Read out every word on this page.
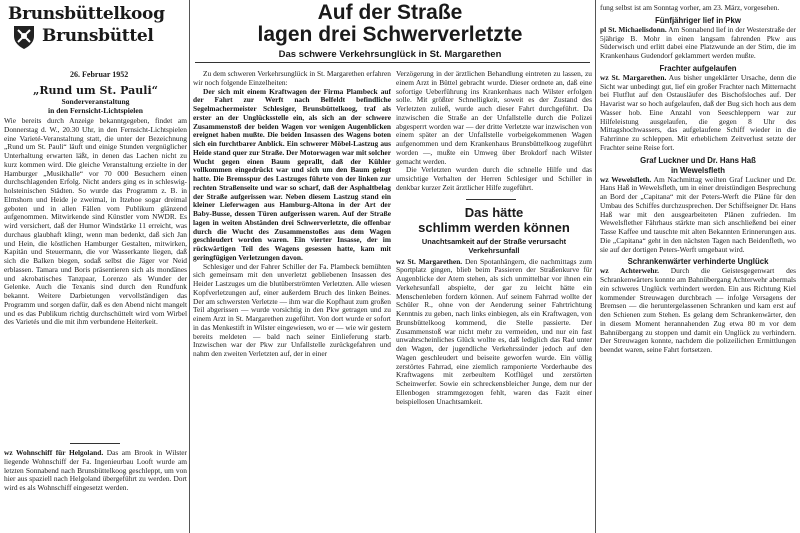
Brunsbüttelkoog
Brunsbüttel
26. Februar 1952

Auf der Straße

lagen drei Schwerverletzte

Das schwere Verkehrsunglück in St. Margarethen

„Rund um St. Pauli“

Sonderveranstaltung

in den Fernsicht-Lichtspielen

Wie bereits durch Anzeige bekanntgegeben, findet am Donnerstag d. W., 20.30 Uhr, in den Fernsicht-Lichtspielen eine Varieté-Veranstaltung statt, die unter der Bezeichnung „Rund um St. Pauli“ läuft und einige Stunden vergnüglicher Unterhaltung erwarten läßt, in denen das Lachen nicht zu kurz kommen wird. Die gleiche Veranstaltung erzielte in der Hamburger „Musikhalle“ vor 70 000 Besuchern einen durchschlagenden Erfolg. Nicht anders ging es in schleswig-holsteinischen Städten. So wurde das Programm z. B. in Elmshorn und Heide je zweimal, in Itzehoe sogar dreimal geboten und in allen Fällen vom Publikum glänzend aufgenommen. Mitwirkende sind Künstler vom NWDR. Es wird versichert, daß der Humor Windstärke 11 erreicht, was durchaus glaubhaft klingt, wenn man bedenkt, daß sich Jan und Hein, die köstlichen Hamburger Gestalten, mitwirken, Kapitän und Steuermann, die vor Wasserkante liegen, daß sich die Balken biegen, sodaß selbst die Jäger vor Neid erblassen. Tamara und Boris präsentieren sich als mondänes und akrobatisches Tanzpaar, Lorenzo als Wunder der Gelenke. Auch die Texanis sind durch den Rundfunk bekannt. Weitere Darbietungen vervollständigen das Programm und sorgen dafür, daß es den Abend nicht mangelt und es das Publikum richtig durchschüttelt wird vom Wirbel des Varietés und die mit ihm verbundene Heiterkeit.

wz Wohnschiff für Helgoland. Das am Brook in Wilster liegende Wohnschiff der Fa. Ingenieurbau Looft wurde am letzten Sonnabend nach Brunsbüttelkoog geschleppt, um von hier aus spaziell nach Helgoland übergeführt zu werden. Dort wird es als Wohnschiff eingesetzt werden.

Zu dem schweren Verkehrsunglück in St. Margarethen erfahren wir noch folgende Einzelheiten:

Der sich mit einem Kraftwagen der Firma Plambeck auf der Fahrt zur Werft nach Belfeldt befindliche Segelmachermeister Schlesiger, Brunsbüttelkoog, traf als erster an der Unglücksstelle ein, als sich an der schwere Zusammenstoß der beiden Wagen vor wenigen Augenblicken ereignet haben mußte. Die beiden Insassen des Wagens boten sich ein furchtbarer Anblick. Ein schwerer Möbel-Lastzug aus Heide stand quer zur Straße. Der Motorwagen war mit solcher Wucht gegen einen Baum geprallt, daß der Kühler vollkommen eingedrückt war und sich um den Baum gelegt hatte. Die Bremsspur des Lastzuges führte von der linken zur rechten Straßenseite und war so scharf, daß der Asphaltbelag der Straße aufgerissen war. Neben diesem Lastzug stand ein kleiner Lieferwagen aus Hamburg-Altona in der Art der Baby-Busse, dessen Türen aufgerissen waren. Auf der Straße lagen in weiten Abständen drei Schwerverletzte, die offenbar durch die Wucht des Zusammenstoßes aus dem Wagen geschleudert worden waren. Ein vierter Insasse, der im rückwärtigen Teil des Wagens gesessen hatte, kam mit geringfügigen Verletzungen davon.

Schlesiger und der Fahrer Schiller der Fa. Plambeck bemühten sich gemeinsam mit den unverletzt gebliebenen Insassen des Heider Lastzuges um die blutüberströmten Verletzten. Alle wiesen Kopfverletzungen auf, einer außerdem Bruch des linken Beines. Der am schwersten Verletzte — ihm war die Kopfhaut zum großen Teil abgerissen — wurde vorsichtig in den Pkw getragen und zu einem Arzt in St. Margarethen zugeführt. Von dort wurde er sofort in das Menkestift in Wilster eingewiesen, wo er — wie wir gestern bereits meldeten — bald nach seiner Einlieferung starb. Inzwischen war der Pkw zur Unfallstelle zurückgefahren und nahm den zweiten Verletzten auf, der in einer

Verzögerung in der ärztlichen Behandlung eintreten zu lassen, zu einem Arzt in Büttel gebracht wurde. Dieser ordnete an, daß eine sofortige Ueberführung ins Krankenhaus nach Wilster erfolgen solle. Mit größter Schnelligkeit, soweit es der Zustand des Verletzten zuließ, wurde auch dieser Fahrt durchgeführt. Da inzwischen die Straße an der Unfallstelle durch die Polizei abgesperrt worden war — der dritte Verletzte war inzwischen von einem später an der Unfallstelle vorbeigekommenen Wagen aufgenommen und dem Krankenhaus Brunsbüttelkoog zugeführt worden —, mußte ein Umweg über Brokdorf nach Wilster gemacht werden.

Die Verletzten wurden durch die schnelle Hilfe und das umsichtige Verhalten der Herren Schlesiger und Schiller in denkbar kurzer Zeit ärztlicher Hilfe zugeführt.

Das hätte

schlimm werden können

Unachtsamkeit auf der Straße verursacht Verkehrsunfall

wz St. Margarethen. Den Spotanhängern, die nachmittags zum Sportplatz gingen, blieb beim Passieren der Straßenkurve für Augenblicke der Atem stehen, als sich unmittelbar vor ihnen ein Verkehrsunfall abspielte, der gar zu leicht hätte ein Menschenleben fordern können. Auf seinem Fahrrad wollte der Schüler R., ohne von der Aenderung seiner Fahrtrichtung Kenntnis zu geben, nach links einbiegen, als ein Kraftwagen, von Brunsbüttelkoog kommend, die Stelle passierte. Der Zusammenstoß war nicht mehr zu vermeiden, und nur ein fast unwahrscheinliches Glück wollte es, daß lediglich das Rad unter den Wagen, der jugendliche Verkehrssünder jedoch auf den Wagen geschleudert und beiseite geworfen wurde. Ein völlig zerstörtes Fahrrad, eine ziemlich ramponierte Vorderhaube des Kraftwagens mit zerbeultem Kotflügel und zerstörten Scheinwerfer. Sowie ein schreckensbleicher Junge, dem nur der Ellenbogen strammgezogen fehlt, waren das Fazit einer beispiellosen Unachtsamkeit.

fung selbst ist am Sonntag vorher, am 23. März, vorgesehen.

Fünfjähriger lief in Pkw

pl St. Michaelisdonn. Am Sonnabend lief in der Westerstraße der 5jährige B. Mohr in einen langsam fahrenden Pkw aus Süderwisch und erlitt dabei eine Platzwunde an der Stirn, die im Krankenhaus Gudendorf geklammert werden mußte.

Frachter aufgelaufen

wz St. Margarethen. Aus bisher ungeklärter Ursache, denn die Sicht war unbedingt gut, lief ein großer Frachter nach Mitternacht bei Flutflut auf den Ostausläufer des Bischofsloches auf. Der Havarist war so hoch aufgelaufen, daß der Bug sich hoch aus dem Wasser hob. Eine Anzahl von Seeschleppern war zur Hilfeleistung ausgelaufen, die gegen 8 Uhr des Mittagshochwassers, das aufgelaufene Schiff wieder in die Fahrrinne zu schleppen. Mit erheblichem Zeitverlust setzte der Frachter seine Reise fort.

Graf Luckner und Dr. Hans Haß

in Wewelsfleth

wz Wewelsfleth. Am Nachmittag weilten Graf Luckner und Dr. Hans Haß in Wewelsfleth, um in einer dreistündigen Besprechung an Bord der „Capitana“ mit der Peters-Werft die Pläne für den Umbau des Schiffes durchzusprechen. Der Schiffseigner Dr. Hans Haß war mit den ausgearbeiteten Plänen zufrieden. Im Wewelsflether Fährhaus stärkte man sich anschließend bei einer Tasse Kaffee und tauschte mit alten Bekannten Erinnerungen aus. Die „Capitana“ geht in den nächsten Tagen nach Beidenfleth, wo sie auf der dortigen Peters-Werft umgebaut wird.

Schrankenwärter verhinderte Unglück

wz Achterwehr. Durch die Geistesgegenwart des Schrankenwärters konnte am Bahnübergang Achterwehr abermals ein schweres Unglück verhindert werden. Ein aus Richtung Kiel kommender Streuwagen durchbrach — infolge Versagens der Bremsen — die heruntergelassenen Schranken und kam erst auf den Schienen zum Stehen. Es gelang dem Schrankenwärter, den in diesem Moment herannahenden Zug etwa 80 m vor dem Bahnübergang zu stoppen und damit ein Unglück zu verhindern. Der Streuwagen konnte, nachdem die polizeilichen Ermittlungen beendet waren, seine Fahrt fortsetzen.
